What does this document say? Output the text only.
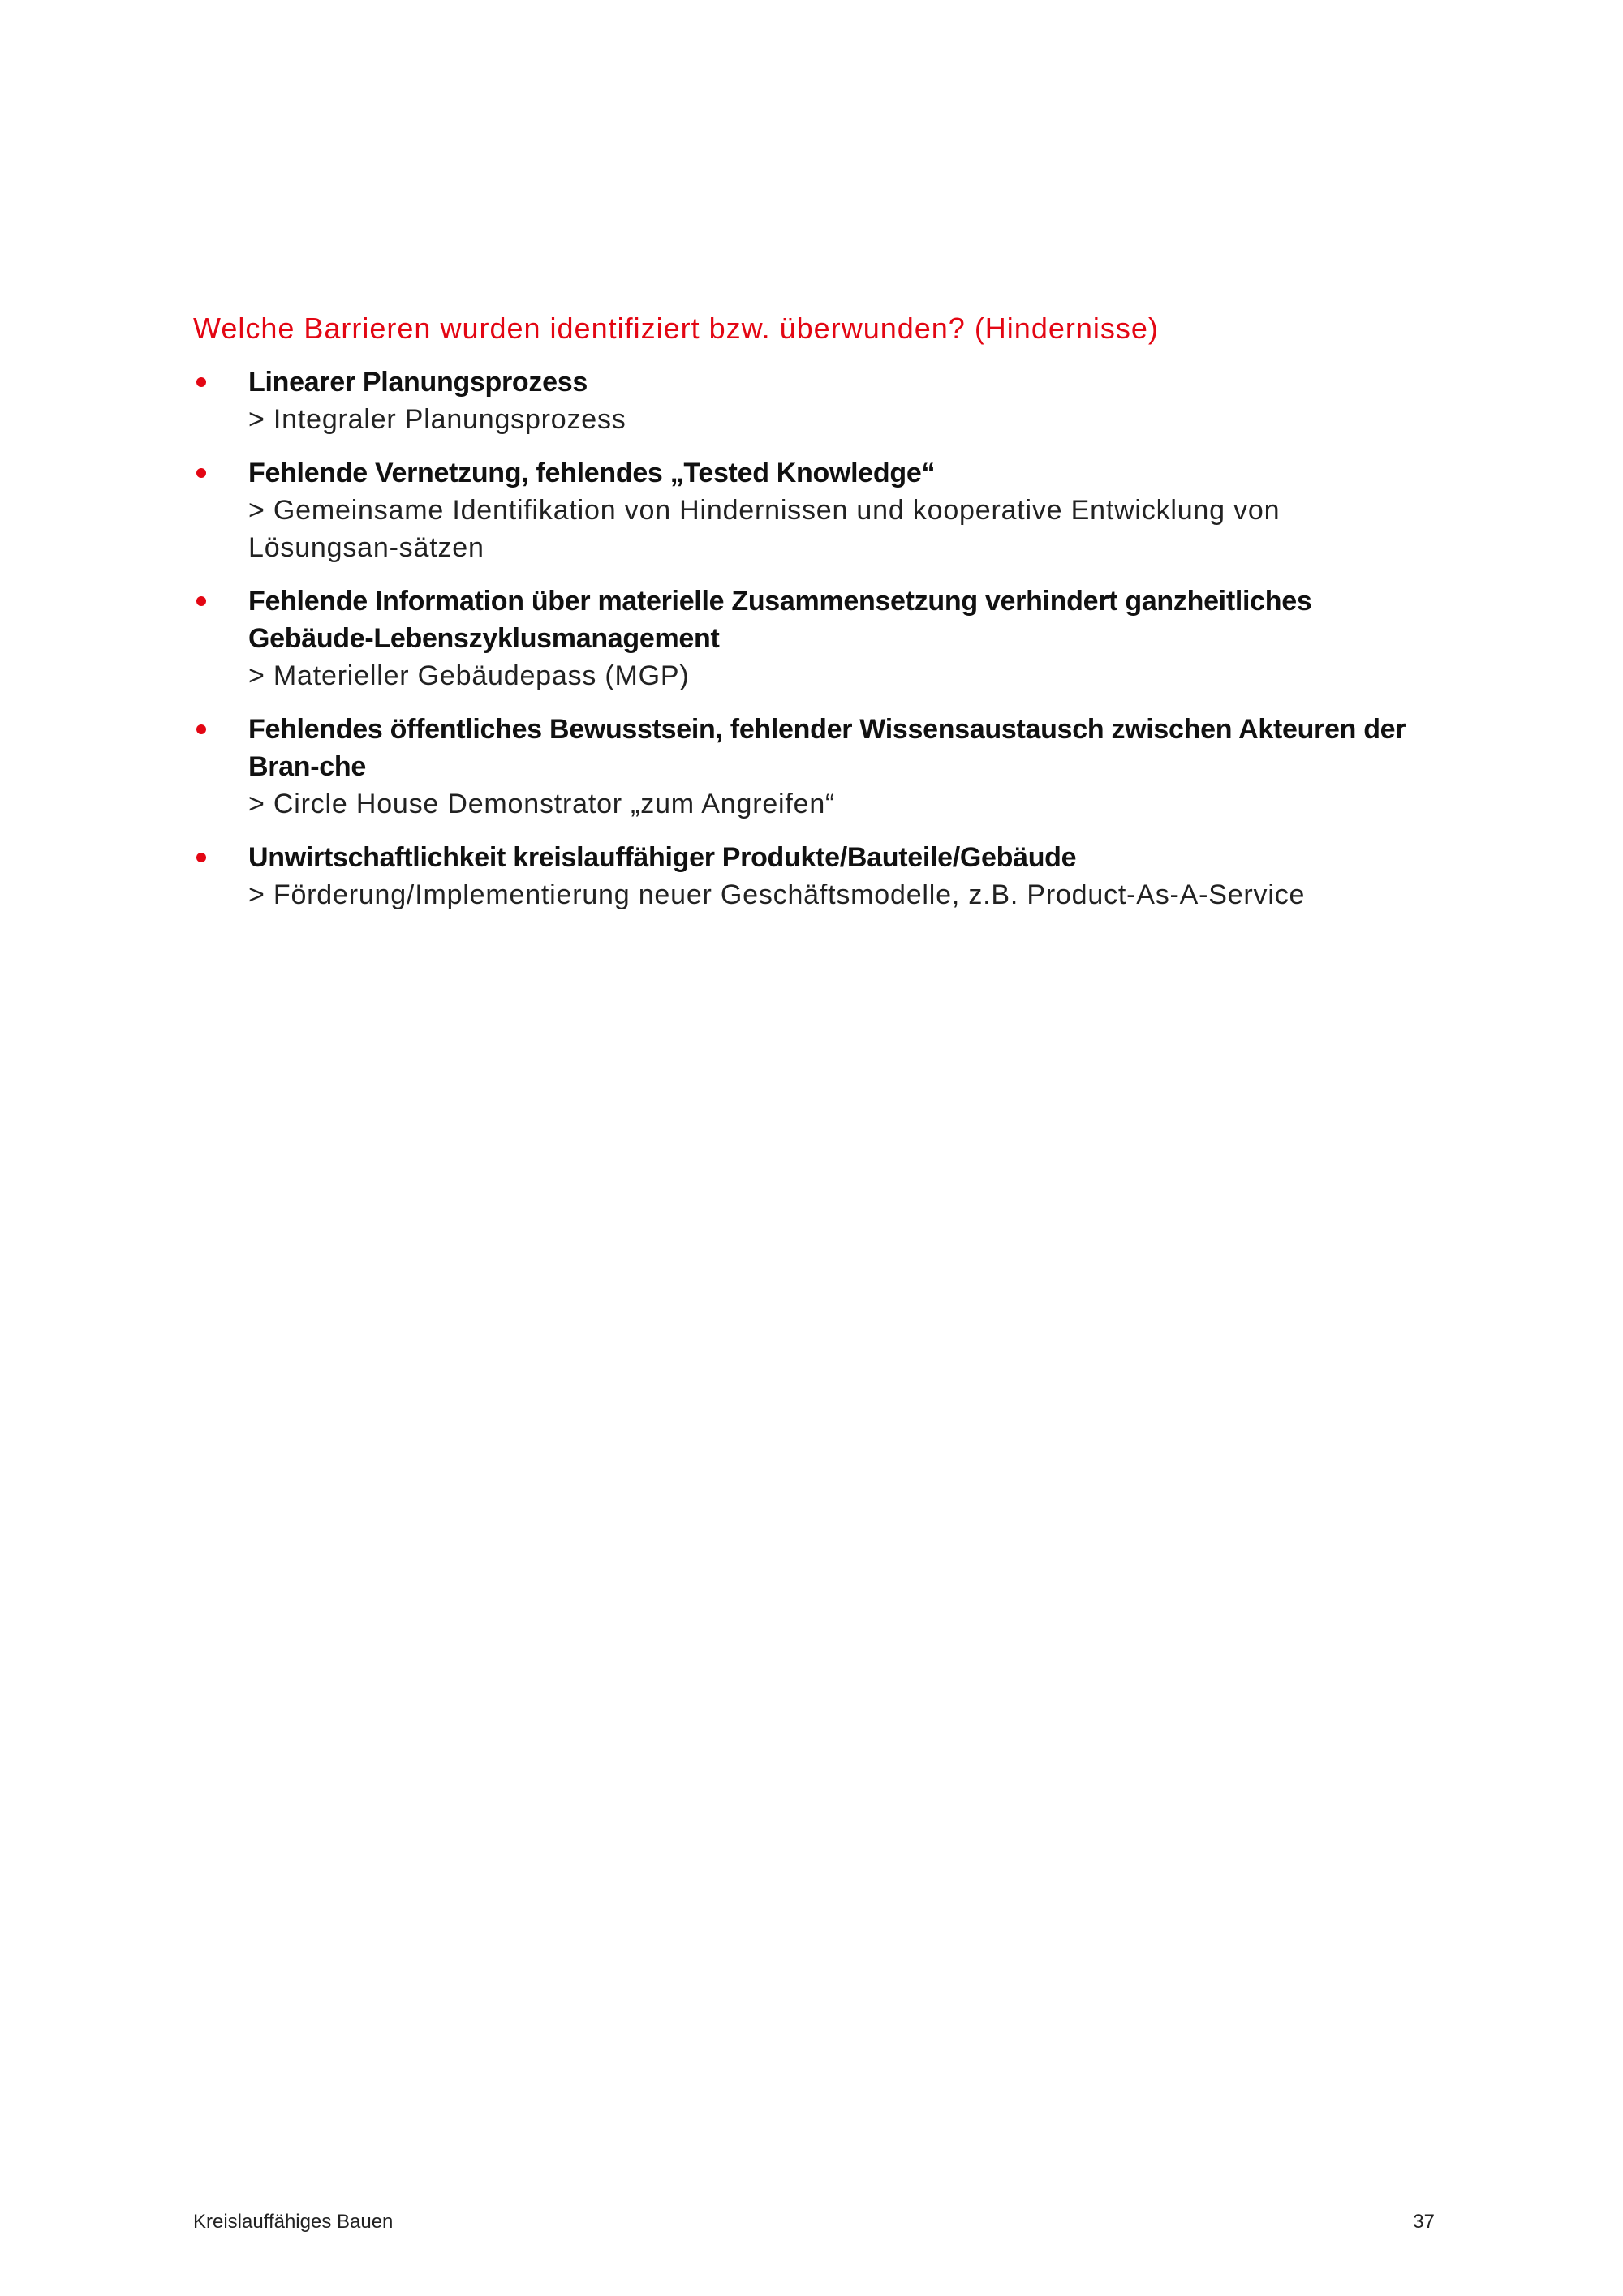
Welche Barrieren wurden identifiziert bzw. überwunden? (Hindernisse)
Linearer Planungsprozess
> Integraler Planungsprozess
Fehlende Vernetzung, fehlendes „Tested Knowledge“
> Gemeinsame Identifikation von Hindernissen und kooperative Entwicklung von Lösungsan-sätzen
Fehlende Information über materielle Zusammensetzung verhindert ganzheitliches Gebäude-Lebenszyklusmanagement
> Materieller Gebäudepass (MGP)
Fehlendes öffentliches Bewusstsein, fehlender Wissensaustausch zwischen Akteuren der Bran-che
> Circle House Demonstrator „zum Angreifen“
Unwirtschaftlichkeit kreislauffähiger Produkte/Bauteile/Gebäude
> Förderung/Implementierung neuer Geschäftsmodelle, z.B. Product-As-A-Service
Kreislauffähiges Bauen	37
